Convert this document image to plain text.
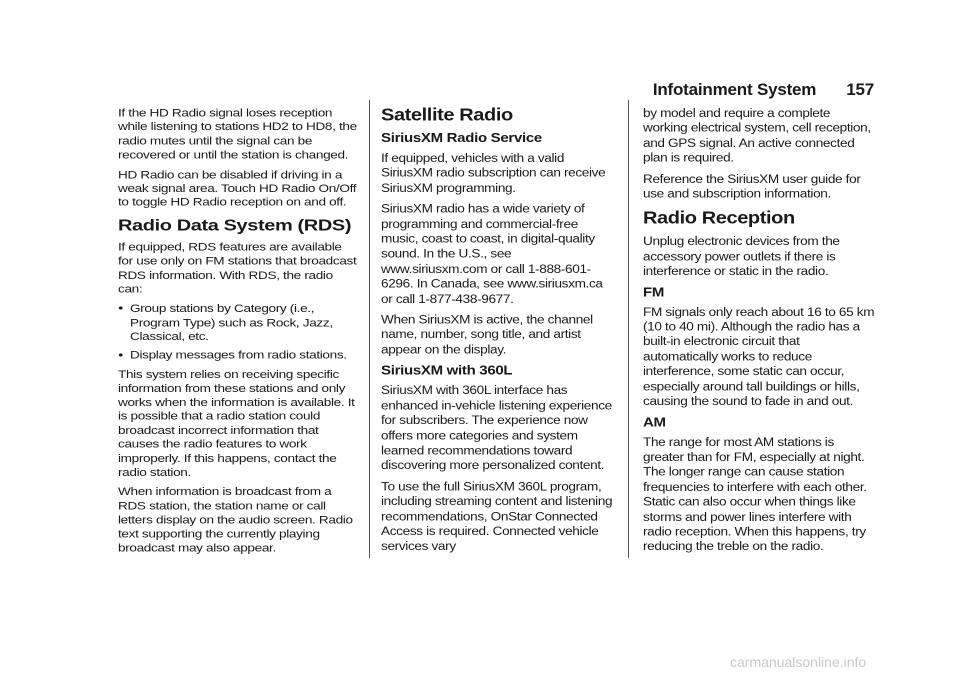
Infotainment System 157

If the HD Radio signal loses reception while listening to stations HD2 to HD8, the radio mutes until the signal can be recovered or until the station is changed.

HD Radio can be disabled if driving in a weak signal area. Touch HD Radio On/Off to toggle HD Radio reception on and off.

Radio Data System (RDS)

If equipped, RDS features are available for use only on FM stations that broadcast RDS information. With RDS, the radio can:

● Group stations by Category (i.e., Program Type) such as Rock, Jazz, Classical, etc.
● Display messages from radio stations.

This system relies on receiving specific information from these stations and only works when the information is available. It is possible that a radio station could broadcast incorrect information that causes the radio features to work improperly. If this happens, contact the radio station.

When information is broadcast from a RDS station, the station name or call letters display on the audio screen. Radio text supporting the currently playing broadcast may also appear.

Satellite Radio
SiriusXM Radio Service

If equipped, vehicles with a valid SiriusXM radio subscription can receive SiriusXM programming.

SiriusXM radio has a wide variety of programming and commercial-free music, coast to coast, in digital-quality sound. In the U.S., see www.siriusxm.com or call 1-888-601-6296. In Canada, see www.siriusxm.ca or call 1-877-438-9677.

When SiriusXM is active, the channel name, number, song title, and artist appear on the display.

SiriusXM with 360L

SiriusXM with 360L interface has enhanced in-vehicle listening experience for subscribers. The experience now offers more categories and system learned recommendations toward discovering more personalized content.

To use the full SiriusXM 360L program, including streaming content and listening recommendations, OnStar Connected Access is required. Connected vehicle services vary

by model and require a complete working electrical system, cell reception, and GPS signal. An active connected plan is required.

Reference the SiriusXM user guide for use and subscription information.

Radio Reception

Unplug electronic devices from the accessory power outlets if there is interference or static in the radio.

FM

FM signals only reach about 16 to 65 km (10 to 40 mi). Although the radio has a built-in electronic circuit that automatically works to reduce interference, some static can occur, especially around tall buildings or hills, causing the sound to fade in and out.

AM

The range for most AM stations is greater than for FM, especially at night. The longer range can cause station frequencies to interfere with each other. Static can also occur when things like storms and power lines interfere with radio reception. When this happens, try reducing the treble on the radio.

carmanualsonline.info
